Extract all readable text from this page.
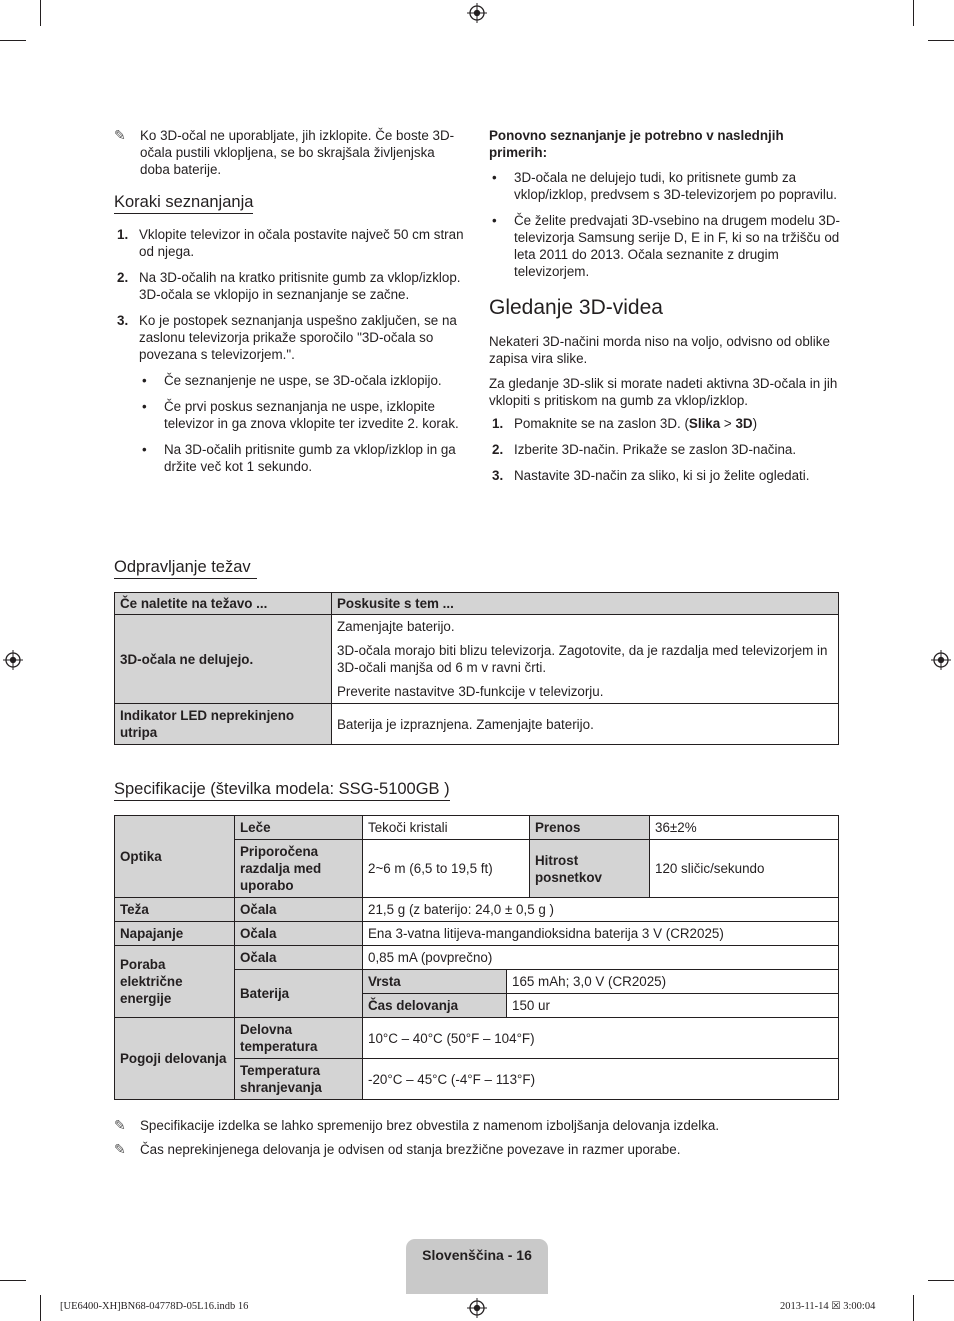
✎	Ko 3D-očal ne uporabljate, jih izklopite. Če boste 3D-očala pustili vklopljena, se bo skrajšala življenjska doba baterije.
Koraki seznanjanja
1. Vklopite televizor in očala postavite največ 50 cm stran od njega.
2. Na 3D-očalih na kratko pritisnite gumb za vklop/izklop. 3D-očala se vklopijo in seznanjanje se začne.
3. Ko je postopek seznanjanja uspešno zaključen, se na zaslonu televizorja prikaže sporočilo "3D-očala so povezana s televizorjem.".
•	Če seznanjenje ne uspe, se 3D-očala izklopijo.
•	Če prvi poskus seznanjanja ne uspe, izklopite televizor in ga znova vklopite ter izvedite 2. korak.
•	Na 3D-očalih pritisnite gumb za vklop/izklop in ga držite več kot 1 sekundo.

Ponovno seznanjanje je potrebno v naslednjih primerih:

•	3D-očala ne delujejo tudi, ko pritisnete gumb za vklop/izklop, predvsem s 3D-televizorjem po popravilu.
•	Če želite predvajati 3D-vsebino na drugem modelu 3D-televizorja Samsung serije D, E in F, ki so na tržišču od leta 2011 do 2013. Očala seznanite z drugim televizorjem.
Gledanje 3D-videa

Nekateri 3D-načini morda niso na voljo, odvisno od oblike zapisa vira slike.

Za gledanje 3D-slik si morate nadeti aktivna 3D-očala in jih vklopiti s pritiskom na gumb za vklop/izklop.

1. Pomaknite se na zaslon 3D. (Slika > 3D)
2. Izberite 3D-način. Prikaže se zaslon 3D-načina.
3. Nastavite 3D-način za sliko, ki si jo želite ogledati.
Odpravljanje težav
Če naletite na težavo ...	Poskusite s tem ...
3D-očala ne delujejo.	Zamenjajte baterijo.

3D-očala morajo biti blizu televizorja. Zagotovite, da je razdalja med televizorjem in 3D-očali manjša od 6 m v ravni črti.

Preverite nastavitve 3D-funkcije v televizorju.

Indikator LED neprekinjeno utripa	Baterija je izpraznjena. Zamenjajte baterijo.
Specifikacije (številka modela: SSG-5100GB )
Optika	Leče	Tekoči kristali		Prenos	36±2%
	Priporočena razdalja med uporabo	2~6 m (6,5 to 19,5 ft)		Hitrost posnetkov	120 sličic/sekundo
Teža	Očala	21,5 g (z baterijo: 24,0 ± 0,5 g )			
Napajanje	Očala	Ena 3-vatna litijeva-mangandioksidna baterija 3 V (CR2025)			
Poraba električne energije	Očala	0,85 mA (povprečno)			
	Baterija	Vrsta	165 mAh; 3,0 V (CR2025)		
		Čas delovanja	150 ur		
Pogoji delovanja	Delovna temperatura	10°C – 40°C (50°F – 104°F)			
	Temperatura shranjevanja	-20°C – 45°C (-4°F – 113°F)			
✎	Specifikacije izdelka se lahko spremenijo brez obvestila z namenom izboljšanja delovanja izdelka.
✎	Čas neprekinjenega delovanja je odvisen od stanja brezžične povezave in razmer uporabe.
Slovenščina - 16
[UE6400-XH]BN68-04778D-05L16.indb 16	2013-11-14 ☒ 3:00:04
